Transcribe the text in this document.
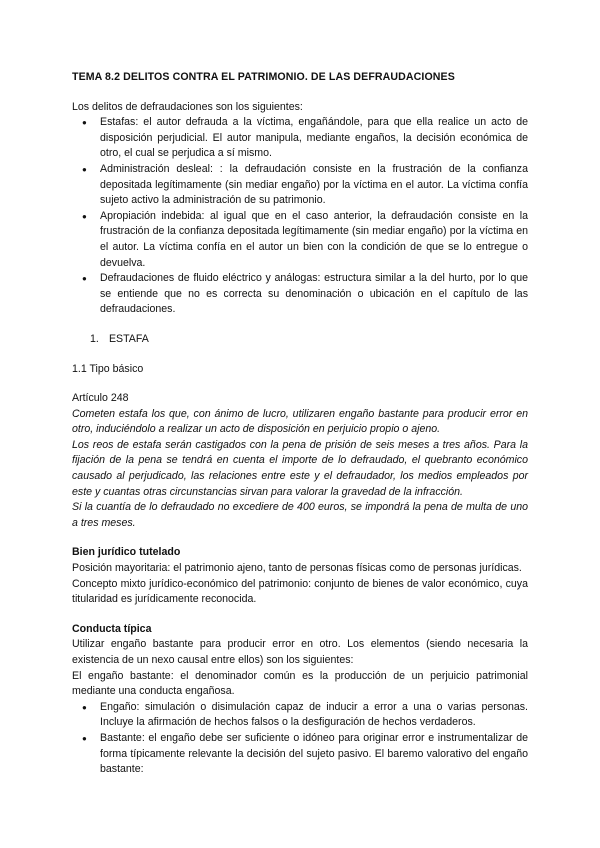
TEMA 8.2 DELITOS CONTRA EL PATRIMONIO. DE LAS DEFRAUDACIONES

Los delitos de defraudaciones son los siguientes:

● Estafas: el autor defrauda a la víctima, engañándole, para que ella realice un acto de disposición perjudicial. El autor manipula, mediante engaños, la decisión económica de otro, el cual se perjudica a sí mismo.
● Administración desleal: : la defraudación consiste en la frustración de la confianza depositada legítimamente (sin mediar engaño) por la víctima en el autor. La víctima confía sujeto activo la administración de su patrimonio.
● Apropiación indebida: al igual que en el caso anterior, la defraudación consiste en la frustración de la confianza depositada legítimamente (sin mediar engaño) por la víctima en el autor. La víctima confía en el autor un bien con la condición de que se lo entregue o devuelva.
● Defraudaciones de fluido eléctrico y análogas: estructura similar a la del hurto, por lo que se entiende que no es correcta su denominación o ubicación en el capítulo de las defraudaciones.
1. ESTAFA

1.1 Tipo básico

Artículo 248

Cometen estafa los que, con ánimo de lucro, utilizaren engaño bastante para producir error en otro, induciéndolo a realizar un acto de disposición en perjuicio propio o ajeno.

Los reos de estafa serán castigados con la pena de prisión de seis meses a tres años. Para la fijación de la pena se tendrá en cuenta el importe de lo defraudado, el quebranto económico causado al perjudicado, las relaciones entre este y el defraudador, los medios empleados por este y cuantas otras circunstancias sirvan para valorar la gravedad de la infracción.

Si la cuantía de lo defraudado no excediere de 400 euros, se impondrá la pena de multa de uno a tres meses.

Bien jurídico tutelado

Posición mayoritaria: el patrimonio ajeno, tanto de personas físicas como de personas jurídicas.

Concepto mixto jurídico-económico del patrimonio: conjunto de bienes de valor económico, cuya titularidad es jurídicamente reconocida.

Conducta típica

Utilizar engaño bastante para producir error en otro. Los elementos (siendo necesaria la existencia de un nexo causal entre ellos) son los siguientes:

El engaño bastante: el denominador común es la producción de un perjuicio patrimonial mediante una conducta engañosa.

● Engaño: simulación o disimulación capaz de inducir a error a una o varias personas. Incluye la afirmación de hechos falsos o la desfiguración de hechos verdaderos.
● Bastante: el engaño debe ser suficiente o idóneo para originar error e instrumentalizar de forma típicamente relevante la decisión del sujeto pasivo. El baremo valorativo del engaño bastante:
